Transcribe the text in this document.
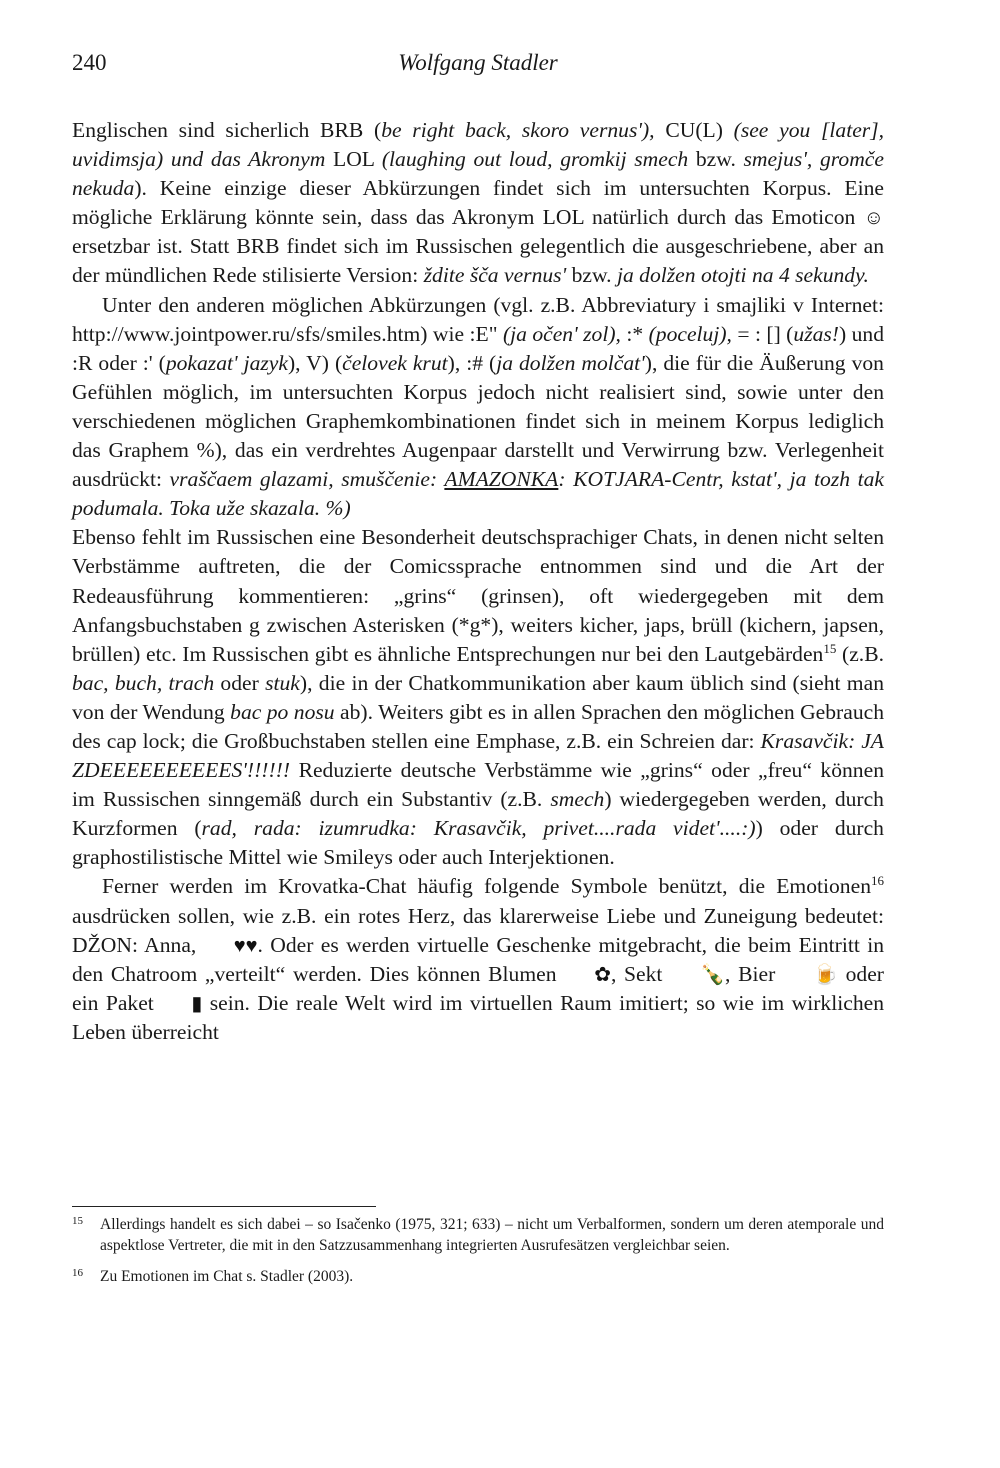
240	Wolfgang Stadler

Englischen sind sicherlich BRB (be right back, skoro vernus'), CU(L) (see you [later], uvidimsja) und das Akronym LOL (laughing out loud, gromkij smech bzw. smejus', gromče nekuda). Keine einzige dieser Abkürzungen findet sich im untersuchten Korpus. Eine mögliche Erklärung könnte sein, dass das Akronym LOL natürlich durch das Emoticon ☺ ersetzbar ist. Statt BRB findet sich im Russischen gelegentlich die ausgeschriebene, aber an der mündlichen Rede stilisierte Version: ždite šča vernus' bzw. ja dolžen otojti na 4 sekundy.

Unter den anderen möglichen Abkürzungen (vgl. z.B. Abbreviatury i smajliki v Internet: http://www.jointpower.ru/sfs/smiles.htm) wie :E" (ja očen' zol), :* (poceluj), = : [] (užas!) und :R oder :' (pokazat' jazyk), V) (čelovek krut), :# (ja dolžen molčat'), die für die Äußerung von Gefühlen möglich, im untersuchten Korpus jedoch nicht realisiert sind, sowie unter den verschiedenen möglichen Graphemkombinationen findet sich in meinem Korpus lediglich das Graphem %), das ein verdrehtes Augenpaar darstellt und Verwirrung bzw. Verlegenheit ausdrückt: vraščaem glazami, smuščenie: AMAZONKA: KOTJARA-Centr, kstat', ja tozh tak podumala. Toka uže skazala. %)

Ebenso fehlt im Russischen eine Besonderheit deutschsprachiger Chats, in denen nicht selten Verbstämme auftreten, die der Comicssprache entnommen sind und die Art der Redeausführung kommentieren: „grins“ (grinsen), oft wiedergegeben mit dem Anfangsbuchstaben g zwischen Asterisken (*g*), weiters kicher, japs, brüll (kichern, japsen, brüllen) etc. Im Russischen gibt es ähnliche Entsprechungen nur bei den Lautgebärden$^{15}$ (z.B. bac, buch, trach oder stuk), die in der Chatkommunikation aber kaum üblich sind (sieht man von der Wendung bac po nosu ab). Weiters gibt es in allen Sprachen den möglichen Gebrauch des cap lock; die Großbuchstaben stellen eine Emphase, z.B. ein Schreien dar: Krasavčik: JA ZDEEEEEEEEEES'!!!!!! Reduzierte deutsche Verbstämme wie „grins“ oder „freu“ können im Russischen sinngemäß durch ein Substantiv (z.B. smech) wiedergegeben werden, durch Kurzformen (rad, rada: izumrudka: Krasavčik, privet....rada videt'....:)) oder durch graphostilistische Mittel wie Smileys oder auch Interjektionen.

Ferner werden im Krovatka-Chat häufig folgende Symbole benützt, die Emotionen$^{16}$ ausdrücken sollen, wie z.B. ein rotes Herz, das klarerweise Liebe und Zuneigung bedeutet: DŽON: Anna, ♥♥. Oder es werden virtuelle Geschenke mitgebracht, die beim Eintritt in den Chatroom „verteilt“ werden. Dies können Blumen ✿, Sekt 🍾, Bier 🍺 oder ein Paket ▮ sein. Die reale Welt wird im virtuellen Raum imitiert; so wie im wirklichen Leben überreicht

15	Allerdings handelt es sich dabei – so Isačenko (1975, 321; 633) – nicht um Verbalformen, sondern um deren atemporale und aspektlose Vertreter, die mit in den Satzzusammenhang integrierten Ausrufesätzen vergleichbar seien.
16	Zu Emotionen im Chat s. Stadler (2003).
